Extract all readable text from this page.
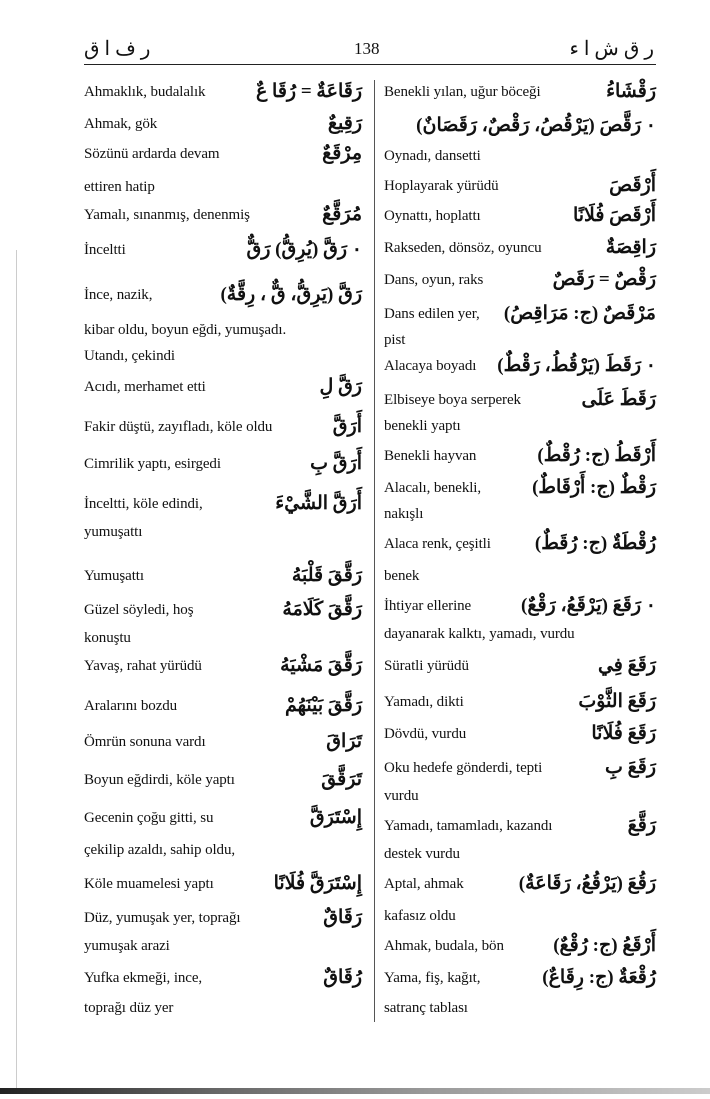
ر ف ا ق	138	ر ق ش ا ء
Ahmaklık, budalalık	رَقَاعَةٌ = رُقَا عٌ
Ahmak, gök	رَقِيعٌ
Sözünü ardarda devam	مِرْقَعٌ
ettiren hatip
Yamalı, sınanmış, denenmiş	مُرَقَّعٌ
İnceltti	٠ رَقَّ (يُرِقُّ) رَقٌّ
İnce, nazik,	رَقَّ (يَرِقُّ، قٌّ ، رِقَّةٌ)
kibar oldu, boyun eğdi, yumuşadı.
Utandı, çekindi
Acıdı, merhamet etti	رَقَّ لِ
Fakir düştü, zayıfladı, köle oldu	أَرَقَّ
Cimrilik yaptı, esirgedi	أَرَقَّ بِ
İnceltti, köle edindi,	أَرَقَّ الشَّيْءَ
yumuşattı
Yumuşattı	رَقَّقَ قَلْبَهُ
Güzel söyledi, hoş	رَقَّقَ كَلَامَهُ
konuştu
Yavaş, rahat yürüdü	رَقَّقَ مَشْيَهُ
Aralarını bozdu	رَقَّقَ بَيْنَهُمْ
Ömrün sonuna vardı	تَرَاقَ
Boyun eğdirdi, köle yaptı	تَرَقَّقَ
Gecenin çoğu gitti, su	إِسْتَرَقَّ
çekilip azaldı, sahip oldu,
Köle muamelesi yaptı	إِسْتَرَقَّ فُلَانًا
Düz, yumuşak yer, toprağı	رَقَاقٌ
yumuşak arazi
Yufka ekmeği, ince,	رُقَاقٌ
toprağı düz yer
Benekli yılan, uğur böceği	رَقْشَاءُ
٠ رَقَّصَ (يَرْقُصُ، رَقْصٌ، رَقَصَانٌ)
Oynadı, dansetti
Hoplayarak yürüdü	أَرْقَصَ
Oynattı, hoplattı	أَرْقَصَ فُلَانًا
Rakseden, dönsöz, oyuncu	رَاقِصَةٌ
Dans, oyun, raks	رَقْصٌ = رَقَصٌ
Dans edilen yer, مَرْقَصٌ (ج: مَرَاقِصُ)
pist
Alacaya boyadı ٠ رَقَطَ (يَرْقُطُ، رَقْطٌ)
Elbiseye boya serperek	رَقَطَ عَلَى
benekli yaptı
Benekli hayvan	أَرْقَطُ (ج: رُقْطٌ)
Alacalı, benekli,	رَقْطٌ (ج: أَرْقَاطٌ)
nakışlı
Alaca renk, çeşitli رُقْطَةٌ (ج: رُقَطٌ)
benek
İhtiyar ellerine	٠ رَقَعَ (يَرْقَعُ، رَقْعٌ)
dayanarak kalktı, yamadı, vurdu
Süratli yürüdü	رَقَعَ فِي
Yamadı, dikti	رَقَعَ الثَّوْبَ
Dövdü, vurdu	رَقَعَ فُلَانًا
Oku hedefe gönderdi, tepti	رَقَعَ بِ
vurdu
Yamadı, tamamladı, kazandı	رَقَّعَ
destek vurdu
Aptal, ahmak	رَقُعَ (يَرْقُعُ، رَقَاعَةٌ)
kafasız oldu
Ahmak, budala, bön	أَرْقَعُ (ج: رُقْعٌ)
Yama, fiş, kağıt,	رُقْعَةٌ (ج: رِقَاعٌ)
satranç tablası
